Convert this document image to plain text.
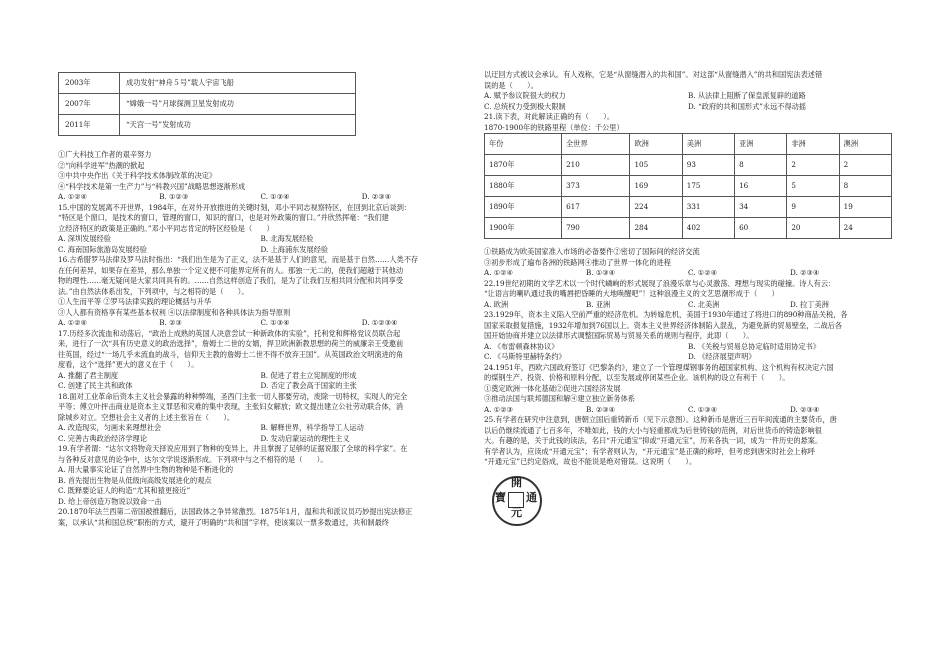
2003年	成功发射“神舟５号”载人宇宙飞船
2007年	“嫦娥一号”月球探测卫星发射成功
2011年	“天宫一号”发射成功

①广大科技工作者的艰辛努力

②“向科学进军”热潮的掀起

③中共中央作出《关于科学技术体制改革的决定》

④“科学技术是第一生产力”与“科教兴国”战略思想逐渐形成

A. ①②④	B. ①②③	C. ①③④	D. ②③④

15.中国的发展离不开世界，1984年，在对外开放推进的关键时刻，邓小平同志视察特区，在回到北京后谈到：

“特区是个窗口，是技术的窗口，管理的窗口，知识的窗口，也是对外政策的窗口。”并欣然挥毫：“我们建

立经济特区的政策是正确的。”邓小平同志肯定的特区经验是（　　）

A. 深圳发展经验	B. 北海发展经验
C. 海南国际旅游岛发展经验	D. 上海浦东发展经验

16.古希腊罗马法律及罗马法时指出：“我们出生是为了正义，法不是基于人们的意见，而是基于自然……人类不存

在任何差异，如果存在差异，那么单独一个定义便不可能界定所有的人。那独一无二的，使我们超越于其他动

物的理性……毫无疑问是大家共同具有的。……自然这样创造了我们，是为了让我们互相共同分配和共同享受

法。”由自然法体系出发，下列项中，与之相符的是（　　）。

①人生而平等 ②罗马法律实践的理论概括与升华

③人人都有资格享有某些基本权利 ④以法律制度和各种具体法为指导原则

A. ①②④	B. ②③	C. ①③④	D. ①②③④

17.历经多次流血和动荡后，“政治上成熟的英国人决意尝试一种新政体的实验”，托利党和辉格党议员联合起

来，进行了一次“具有历史意义的政治选择”，詹姆士二世的女婿，捍卫欧洲新教思想的荷兰的威廉亲王受邀前

往英国，经过“一场几乎未流血的战斗，信仰天主教的詹姆士二世不得不放弃王国”。从英国政治文明演进的角

度看，这个“选择”更大的意义在于（　　）。

A. 推翻了君主制度	B. 促进了君主立宪制度的形成
C. 创建了民主共和政体	D. 否定了教会高于国家的主张

18.面对工业革命后资本主义社会暴露的种种弊端，圣西门主张一切人都要劳动，废除一切特权，实现人的完全

平等；傅立叶抨击商业是资本主义罪恶和灾难的集中表现，主张妇女解放；欧文提出建立公社劳动联合体，消

除城乡对立。空想社会主义者的上述主张旨在（　　）。

A. 改造现实，匀画未来理想社会	B. 解释世界，科学指导工人运动
C. 完善古典政治经济学理论	D. 发动启蒙运动的理性主义

19.有学者谓：“达尔文将物竞天择说应用到了物种的变异上，并且掌握了足够的证据说服了全球的科学家”。在

与各种反对意见的论争中，达尔文学说逐渐形成。下列项中与之不相符的是（　　）。

A. 用大量事实论证了自然界中生物的物种是不断进化的

B. 首先提出生物是从低级向高级发展进化的观点

C. 既释要论证人的构造“尤其和猿更接近”

D. 给上帝创造万物说以致命一击

20.1870年法兰西第二帝国被推翻后，法国政体之争异常激烈。1875年1月，温和共和派议员巧妙提出宪法修正

案，以承认“共和国总统”职衔的方式，避开了明确的“共和国”字样，使该案以一票多数通过，共和制最终

以迂回方式被议会承认。有人戏称，它是“从窗缝潜入的共和国”。对这部“从窗缝潜入”的共和国宪法表述错

误的是（　　）。

A. 赋予参议院很大的权力	B. 从法律上阻断了保皇派复辟的道路
C. 总统权力受到极大限制	D. “政府的共和国形式”永远不得动摇

21.读下表，对此解读正确的有（　　）。

1870-1900年的铁路里程（单位：千公里）

年份	全世界	欧洲	美洲	亚洲	非洲	澳洲
1870年	210	105	93	8	2	2
1880年	373	169	175	16	5	8
1890年	617	224	331	34	9	19
1900年	790	284	402	60	20	24

①铁路成为欧美国家准入市场的必备要件②密切了国际间的经济交流

③初步形成了遍布各洲的铁路网④推动了世界一体化的进程

A. ①②④	B. ①③④	C. ①②④	D. ②③④

22.19世纪初期的文学艺术以一个时代嶙峋的形式展现了浪漫乐章与心灵激荡、理想与现实的碰撞。诗人有云：

“让语言的喇叭通过我的嘴唇把昏睡的大地唤醒吧”！这种浪漫主义的文艺思潮形成于（　　）

A. 欧洲	B. 亚洲	C. 北美洲	D. 拉丁美洲

23.1929年，资本主义陷入空前严重的经济危机。为转嫁危机，美国于1930年通过了将进口的890种商品关税，各

国家采取报复措施，1932年增加到76国以上。资本主义世界经济体制陷入混乱，为避免新的贸易壁垒，二战后各

国开始协商并建立以法律形式调整国际贸易与贸易关系的规则与程序，此即（　　）。

A. 《布雷顿森林协议》	B. 《关税与贸易总协定临时适用协定书》
C. 《马斯特里赫特条约》	D. 《经济展望声明》

24.1951年，西欧六国政府签订《巴黎条约》，建立了一个管理煤钢事务的超国家机构。这个机构有权决定六国

的煤钢生产、投资、价格和原料分配，以至发展或停闭某些企业。该机构的设立有利于（　　）。

①奠定欧洲一体化基础②促进六国经济发展

③推动法国与联邦德国和解④建立独立新务体系

A. ①②③	B. ②③④	C. ①③④	D. ②③④

25.有学者在研究中注意到，唐朝立国后重铸新币（见下示意图）。这种新币是唐近三百年间流通的主要货币，唐

以后仍继续流通了七百多年，不唯如此，钱的大小与轻重都成为后世铸钱的范例，对后世货币的铸造影响很

大。有趣的是，关于此钱的读法，名曰“开元通宝”抑或“开通元宝”，历来各执一词，成为一件历史的悬案。

有学者认为，应读成“开通元宝”；有学者则认为，“开元通宝”是正确的称呼，但考虑到唐宋时社会上称呼

“开通元宝”已约定俗成，故也不能说是绝对错误。这说明（　　）。

開
通
元
寶
